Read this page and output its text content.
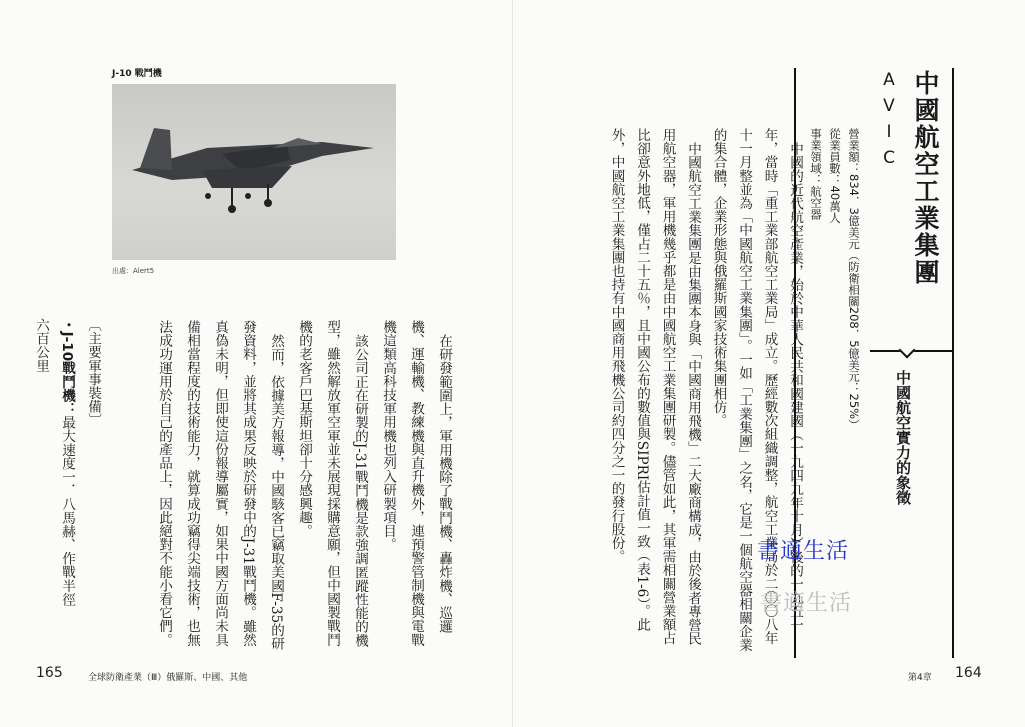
J-10 戰鬥機
出處：Alert5

在研發範圍上，軍用機除了戰鬥機、轟炸機、巡邏機、運輸機、教練機與直升機外，連預警管制機與電戰機這類高科技軍用機也列入研製項目。

該公司正在研製的J-31戰鬥機是款強調匿蹤性能的機型，雖然解放軍空軍並未展現採購意願，但中國製戰鬥機的老客戶巴基斯坦卻十分感興趣。

然而，依據美方報導，中國駭客已竊取美國F-35的研發資料，並將其成果反映於研發中的J-31戰鬥機。雖然真偽未明，但即使這份報導屬實，如果中國方面尚未具備相當程度的技術能力，就算成功竊得尖端技術，也無法成功運用於自己的產品上，因此絕對不能小看它們。

〔主要軍事裝備〕
・J-10戰鬥機：最大速度一．八馬赫、作戰半徑
六百公里
165	全球防衛產業（Ⅲ）俄羅斯、中國、其他
中國航空工業集團
AVIC
營業額：834．3億美元（防衛相關208．5億美元：25%）
從業員數：40萬人
事業領域：航空器
中國航空實力的象徵

中國的近代航空產業，始於中華人民共和國建國（一九四九年十月）後的一九五一年，當時「重工業部航空工業局」成立。歷經數次組織調整，航空工業局於二〇〇八年十一月整並為「中國航空工業集團」。一如「工業集團」之名，它是一個航空器相關企業的集合體，企業形態與俄羅斯國家技術集團相仿。

中國航空工業集團是由集團本身與「中國商用飛機」二大廠商構成，由於後者專營民用航空器，軍用機幾乎都是由中國航空工業集團研製。儘管如此，其軍需相關營業額占比卻意外地低，僅占二十五％，且中國公布的數值與SIPRI估計值一致（表1-6）。此外，中國航空工業集團也持有中國商用飛機公司約四分之一的發行股份。	書適生活
書適生活
第4章 164
